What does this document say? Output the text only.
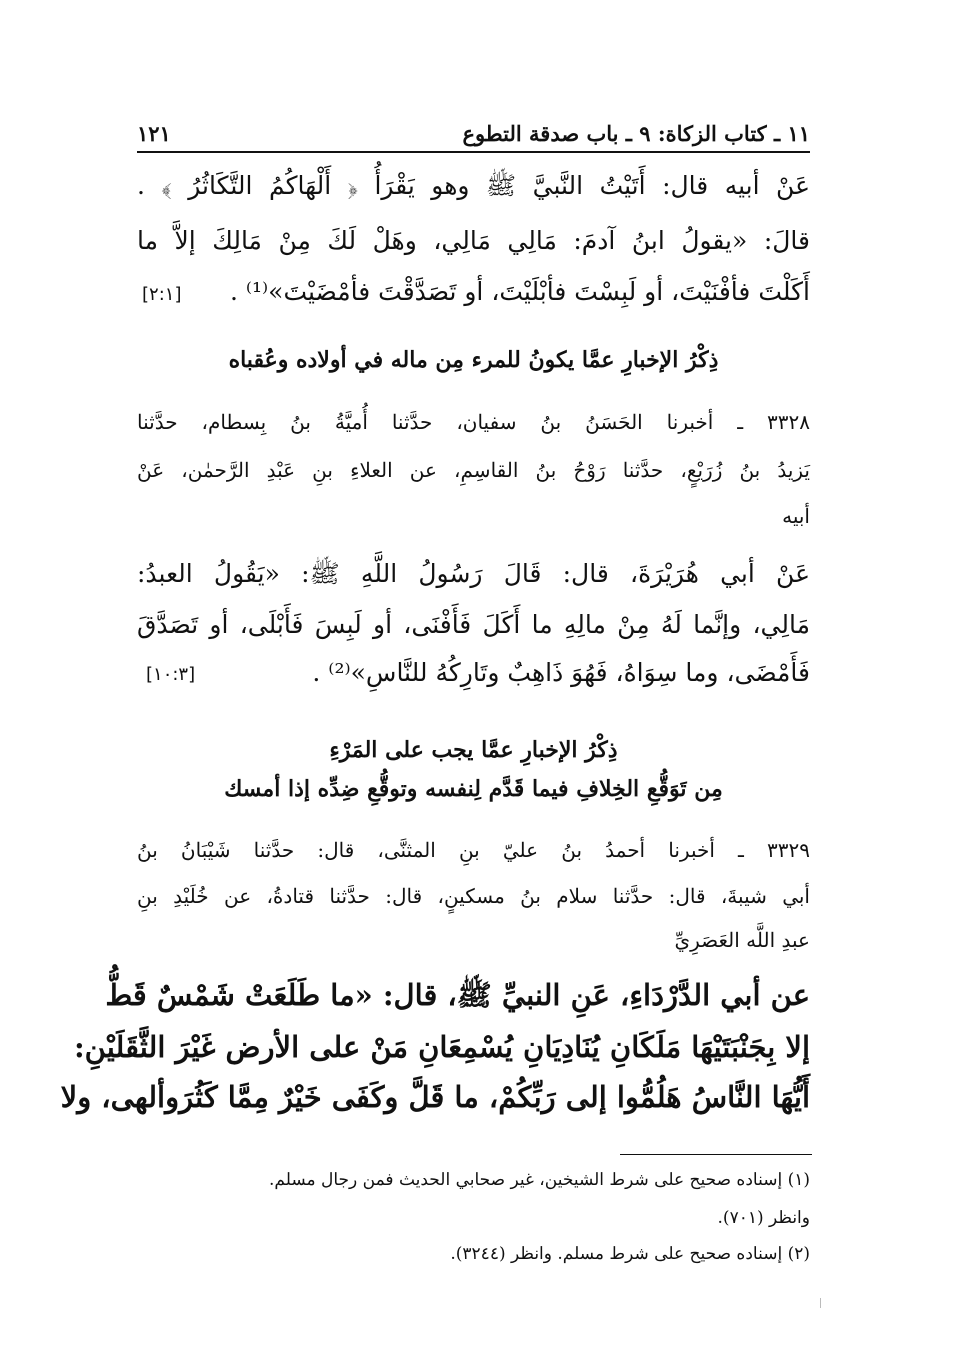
١١ ـ كتاب الزكاة: ٩ ـ باب صدقة التطوع
١٢١
عَنْ أبيه قال: أَتَيْتُ النَّبيَّ ﷺ وهو يَقْرَأُ ﴿ أَلْهَاكُمُ التَّكَاثُرُ ﴾ .
قالَ: «يقولُ ابنُ آدمَ: مَالِي مَالِي، وهَلْ لَكَ مِنْ مَالِكَ إلاَّ ما
أَكَلْتَ فأفْنَيْتَ، أو لَبِسْتَ فأبْلَيْتَ، أو تَصَدَّقْتَ فأمْضَيْتَ»⁽¹⁾ .
[٢:١]
ذِكْرُ الإخبارِ عمَّا يكونُ للمرء مِن ماله في أولاده وعُقباه
٣٣٢٨ ـ أخبرنا الحَسَنُ بنُ سفيان، حدَّثنا أُميَّةُ بنُ بِسطام، حدَّثنا
يَزيدُ بنُ زُرَيْعٍ، حدَّثنا رَوْحُ بنُ القاسِمِ، عن العلاءِ بنِ عَبْدِ الرَّحمٰن، عَنْ
أبيه
عَنْ أبي هُرَيْرَةَ، قال: قَالَ رَسُولُ اللَّهِ ﷺ: «يَقُولُ العبدُ:
مَالِي، وإنَّما لَهُ مِنْ مالِهِ ما أَكَلَ فَأَفْنَى، أو لَبِسَ فَأَبْلَى، أو تَصَدَّقَ
فَأَمْضَى، وما سِوَاهُ، فَهُوَ ذَاهِبٌ وتَارِكُهُ للنَّاسِ»⁽²⁾ .
[١٠:٣]
ذِكْرُ الإخبارِ عمَّا يجب على المَرْءِ
مِن تَوَقُّعِ الخِلافِ فيما قَدَّم لِنفسه وتوقُّعِ ضِدِّه إذا أمسك
٣٣٢٩ ـ أخبرنا أحمدُ بنُ عليّ بنِ المثنَّى، قال: حدَّثنا شَيْبَانُ بنُ
أبي شيبةَ، قال: حدَّثنا سلام بنُ مسكينٍ، قال: حدَّثنا قتادةُ، عن خُلَيْدِ بنِ
عبدِ اللَّه العَصَرِيِّ
عن أبي الدَّرْدَاءِ، عَنِ النبيِّ ﷺ، قال: «ما طَلَعَتْ شَمْسٌ قَطُّ
إلا بِجَنْبَتَيْهَا مَلَكَانِ يُنَادِيَانِ يُسْمِعَانِ مَنْ على الأرض غَيْرَ الثَّقَلَيْنِ:
أَيُّهَا النَّاسُ هَلُمُّوا إلى رَبِّكُمْ، ما قَلَّ وكَفَى خَيْرٌ مِمَّا كَثُرَوألهى، ولا
(١) إسناده صحيح على شرط الشيخين، غير صحابي الحديث فمن رجال مسلم.
وانظر (٧٠١).
(٢) إسناده صحيح على شرط مسلم. وانظر (٣٢٤٤).
